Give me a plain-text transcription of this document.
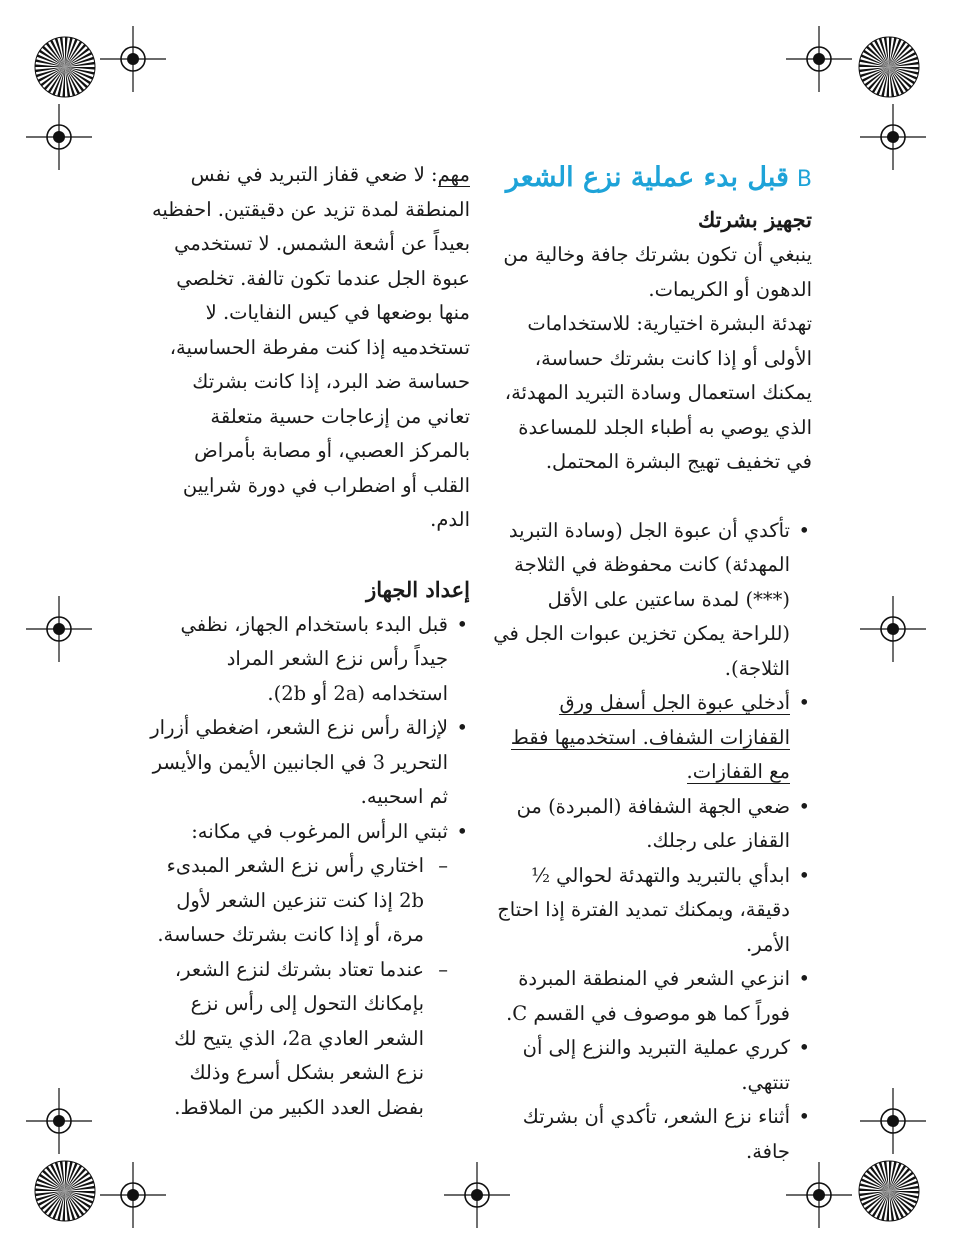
Bقبل بدء عملية نزع الشعر

تجهيز بشرتك

ينبغي أن تكون بشرتك جافة وخالية من الدهون أو الكريمات.

تهدئة البشرة اختيارية: للاستخدامات الأولى أو إذا كانت بشرتك حساسة، يمكنك استعمال وسادة التبريد المهدئة، الذي يوصي به أطباء الجلد للمساعدة في تخفيف تهيج البشرة المحتمل.

• تأكدي أن عبوة الجل (وسادة التبريد المهدئة) كانت محفوظة في الثلاجة (***) لمدة ساعتين على الأقل (للراحة يمكن تخزين عبوات الجل في الثلاجة).
• أدخلي عبوة الجل أسفل ورق القفازات الشفاف. استخدميها فقط مع القفازات.
• ضعي الجهة الشفافة (المبردة) من القفاز على رجلك.
• ابدأي بالتبريد والتهدئة لحوالي ½ دقيقة، ويمكنك تمديد الفترة إذا احتاج الأمر.
• انزعي الشعر في المنطقة المبردة فوراً كما هو موصوف في القسم C.
• كرري عملية التبريد والنزع إلى أن تنتهي.
• أثناء نزع الشعر، تأكدي أن بشرتك جافة.

مهم: لا ضعي قفاز التبريد في نفس المنطقة لمدة تزيد عن دقيقتين. احفظيه بعيداً عن أشعة الشمس. لا تستخدمي عبوة الجل عندما تكون تالفة. تخلصي منها بوضعها في كيس النفايات. لا تستخدميه إذا كنت مفرطة الحساسية، حساسة ضد البرد، إذا كانت بشرتك تعاني من إزعاجات حسية متعلقة بالمركز العصبي، أو مصابة بأمراض القلب أو اضطراب في دورة شرايين الدم.

إعداد الجهاز

• قبل البدء باستخدام الجهاز، نظفي جيداً رأس نزع الشعر المراد استخدامه (2a أو 2b).
• لإزالة رأس نزع الشعر، اضغطي أزرار التحرير 3 في الجانبين الأيمن والأيسر ثم اسحبيه.
• ثبتي الرأس المرغوب في مكانه:
– اختاري رأس نزع الشعر المبدىء 2b إذا كنت تنزعين الشعر لأول مرة، أو إذا كانت بشرتك حساسة.
– عندما تعتاد بشرتك لنزع الشعر، بإمكانك التحول إلى رأس نزع الشعر العادي 2a، الذي يتيح لك نزع الشعر بشكل أسرع وذلك بفضل العدد الكبير من الملاقط.
